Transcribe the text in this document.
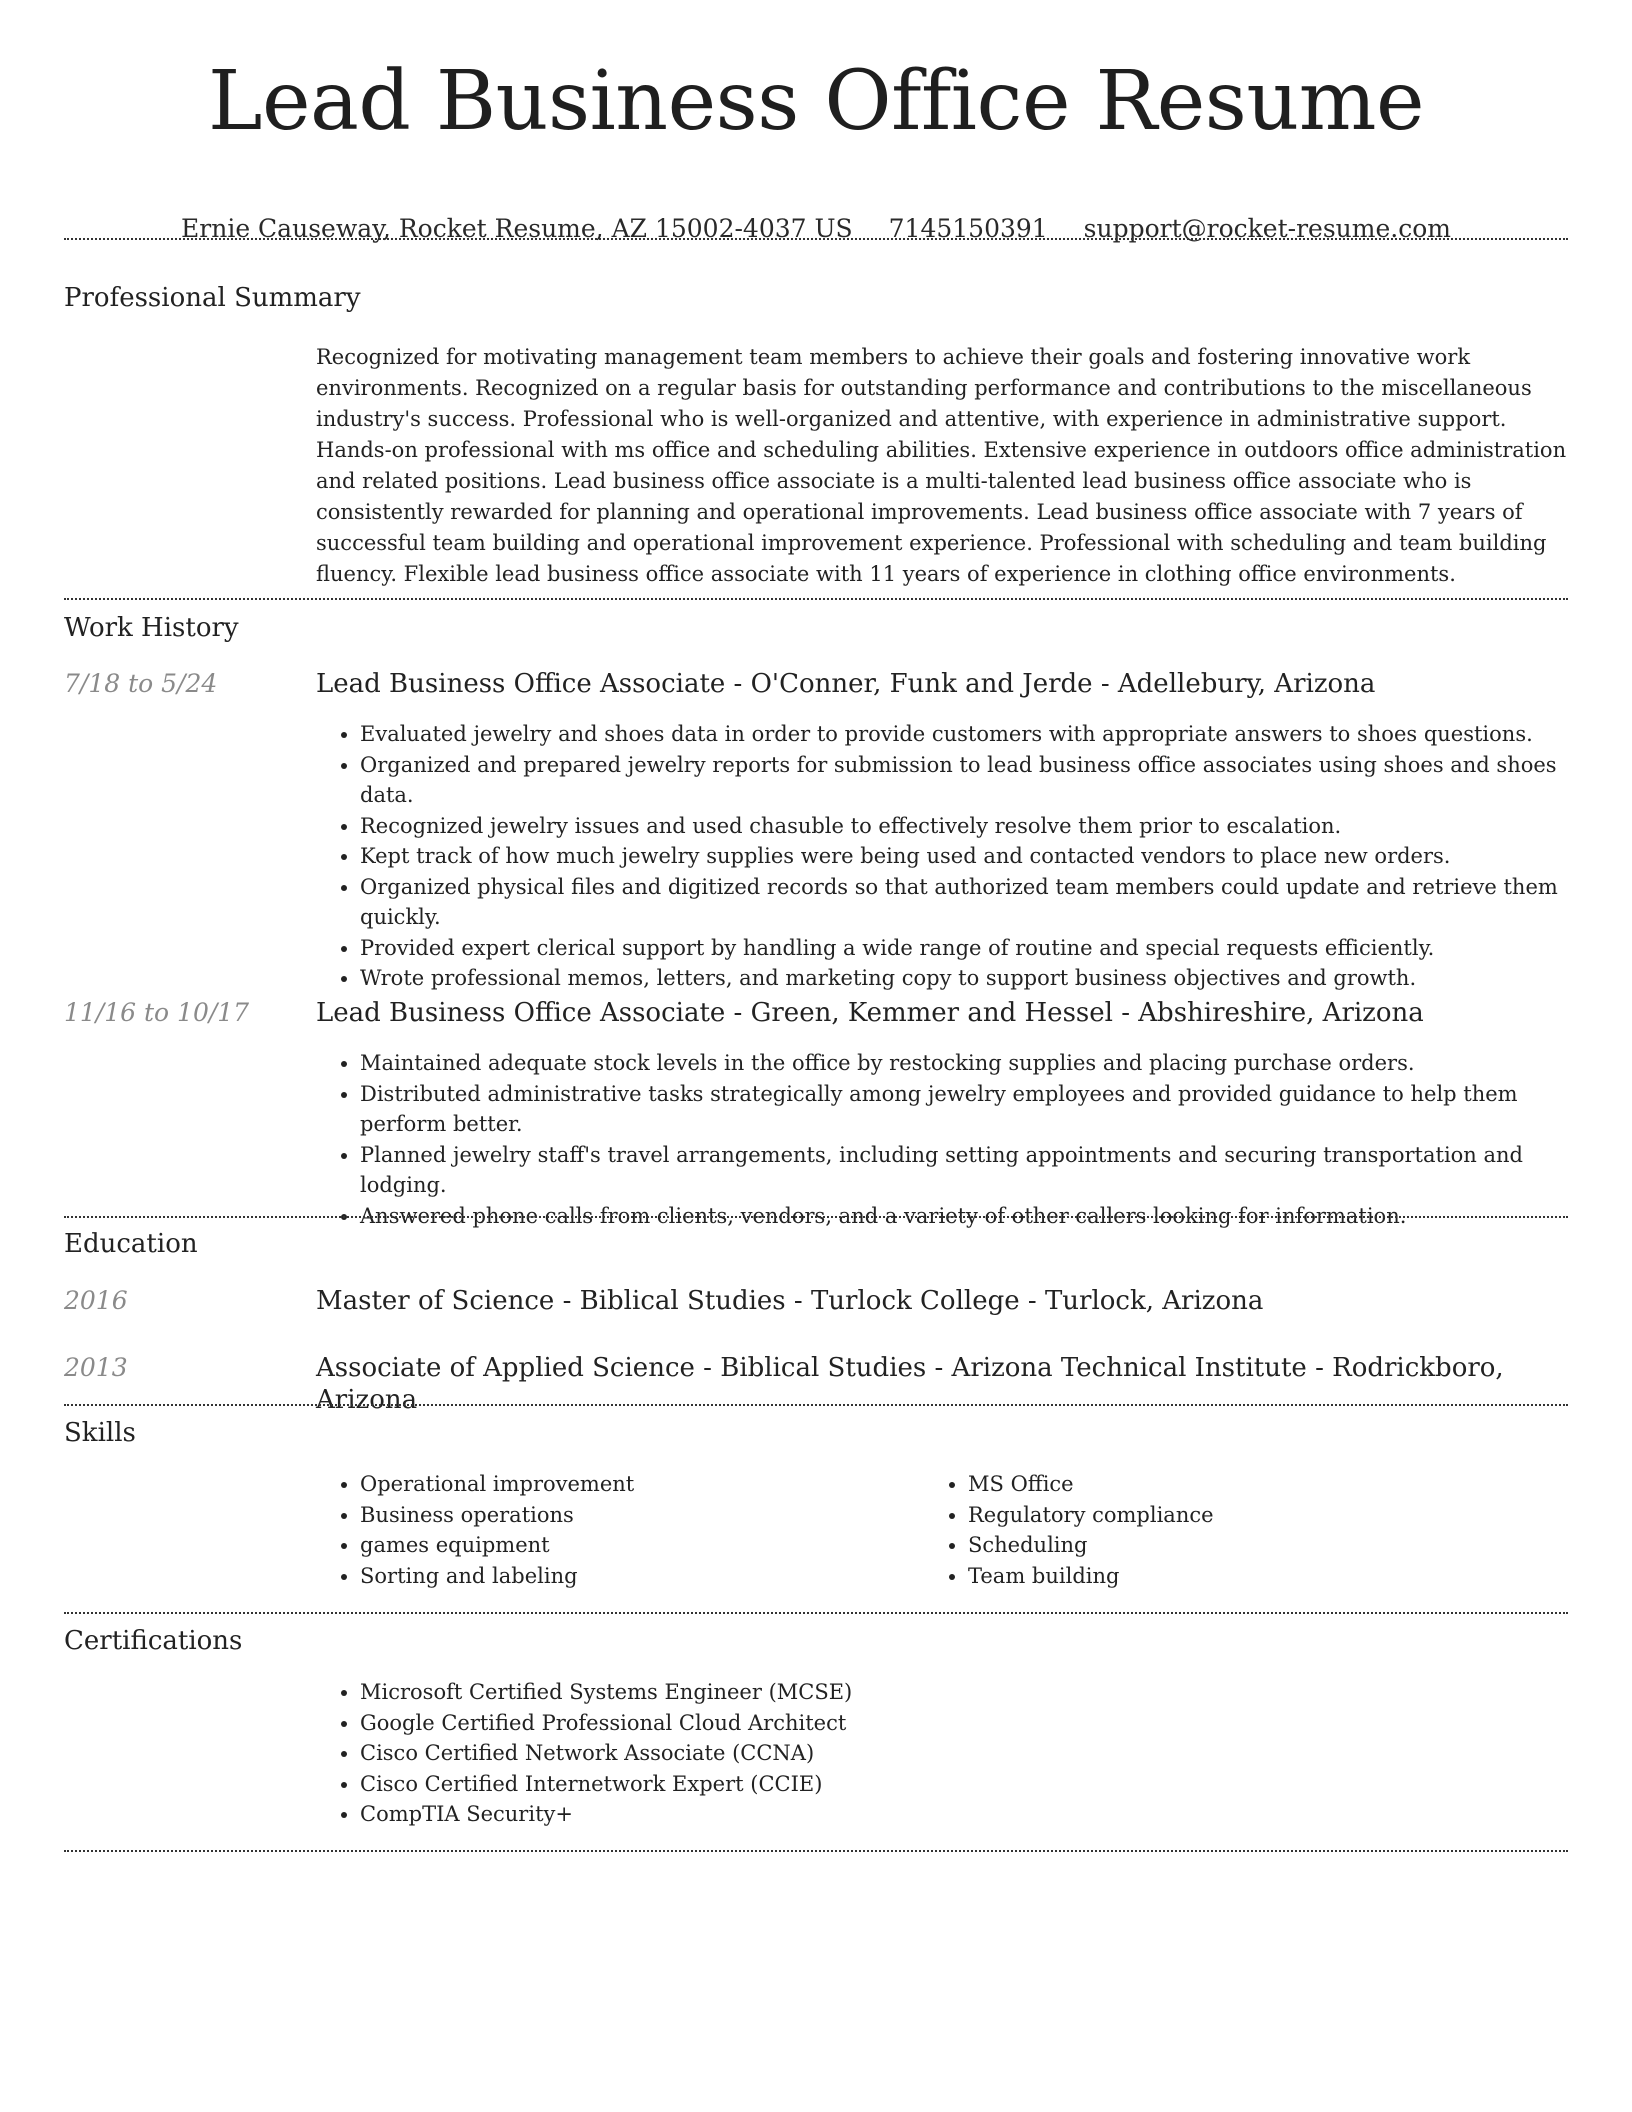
Lead Business Office Resume
Ernie Causeway, Rocket Resume, AZ 15002-4037 US 7145150391 support@rocket-resume.com
Professional Summary
Recognized for motivating management team members to achieve their goals and fostering innovative work environments. Recognized on a regular basis for outstanding performance and contributions to the miscellaneous industry's success. Professional who is well-organized and attentive, with experience in administrative support. Hands-on professional with ms office and scheduling abilities. Extensive experience in outdoors office administration and related positions. Lead business office associate is a multi-talented lead business office associate who is consistently rewarded for planning and operational improvements. Lead business office associate with 7 years of successful team building and operational improvement experience. Professional with scheduling and team building fluency. Flexible lead business office associate with 11 years of experience in clothing office environments.
Work History
7/18 to 5/24	Lead Business Office Associate - O'Conner, Funk and Jerde - Adellebury, Arizona
• Evaluated jewelry and shoes data in order to provide customers with appropriate answers to shoes questions.
• Organized and prepared jewelry reports for submission to lead business office associates using shoes and shoes data.
• Recognized jewelry issues and used chasuble to effectively resolve them prior to escalation.
• Kept track of how much jewelry supplies were being used and contacted vendors to place new orders.
• Organized physical files and digitized records so that authorized team members could update and retrieve them quickly.
• Provided expert clerical support by handling a wide range of routine and special requests efficiently.
• Wrote professional memos, letters, and marketing copy to support business objectives and growth.
11/16 to 10/17	Lead Business Office Associate - Green, Kemmer and Hessel - Abshireshire, Arizona
• Maintained adequate stock levels in the office by restocking supplies and placing purchase orders.
• Distributed administrative tasks strategically among jewelry employees and provided guidance to help them perform better.
• Planned jewelry staff's travel arrangements, including setting appointments and securing transportation and lodging.
• Answered phone calls from clients, vendors, and a variety of other callers looking for information.
Education
2016	Master of Science - Biblical Studies - Turlock College - Turlock, Arizona
2013	Associate of Applied Science - Biblical Studies - Arizona Technical Institute - Rodrickboro, Arizona
Skills
• Operational improvement
• Business operations
• games equipment
• Sorting and labeling
• MS Office
• Regulatory compliance
• Scheduling
• Team building
Certifications
• Microsoft Certified Systems Engineer (MCSE)
• Google Certified Professional Cloud Architect
• Cisco Certified Network Associate (CCNA)
• Cisco Certified Internetwork Expert (CCIE)
• CompTIA Security+
